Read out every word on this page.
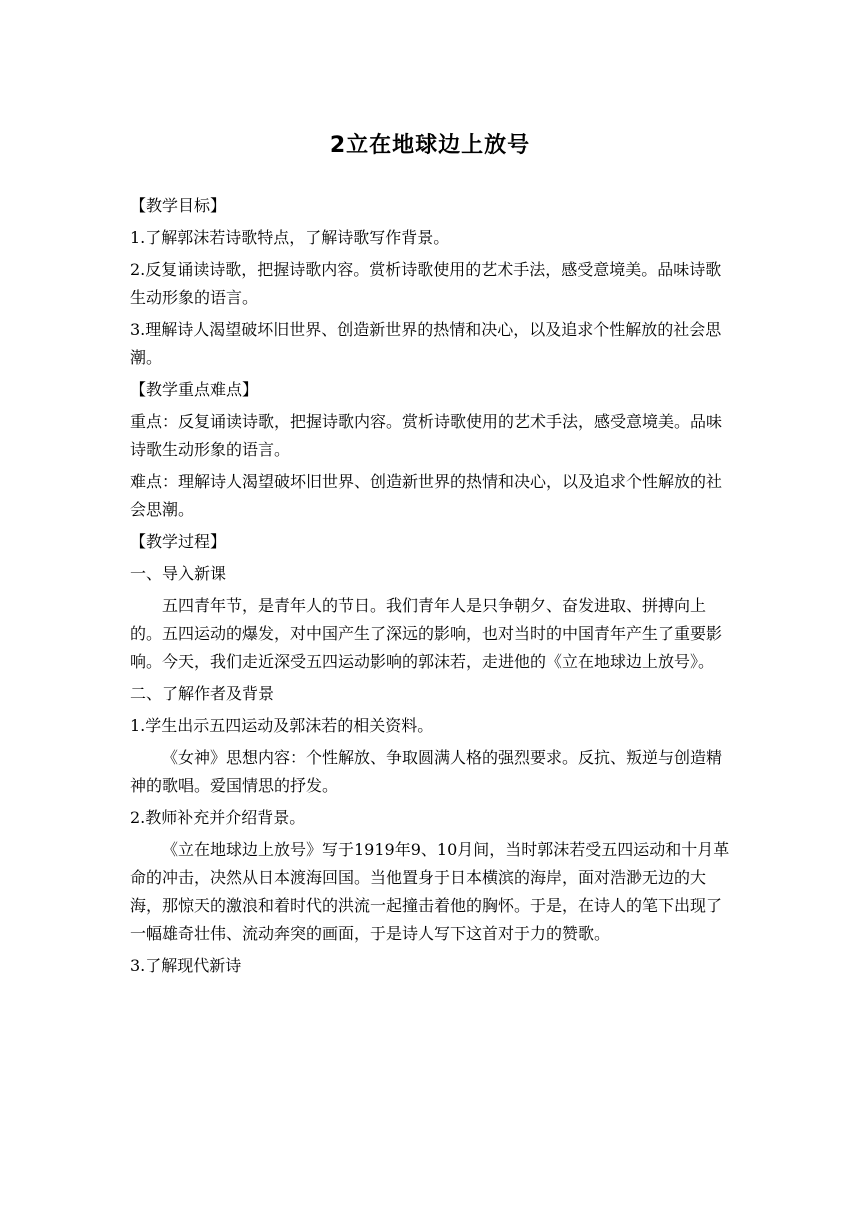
2立在地球边上放号

【教学目标】

1.了解郭沫若诗歌特点，了解诗歌写作背景。

2.反复诵读诗歌，把握诗歌内容。赏析诗歌使用的艺术手法，感受意境美。品味诗歌生动形象的语言。

3.理解诗人渴望破坏旧世界、创造新世界的热情和决心，以及追求个性解放的社会思潮。

【教学重点难点】

重点：反复诵读诗歌，把握诗歌内容。赏析诗歌使用的艺术手法，感受意境美。品味诗歌生动形象的语言。

难点：理解诗人渴望破坏旧世界、创造新世界的热情和决心，以及追求个性解放的社会思潮。

【教学过程】

一、导入新课

五四青年节，是青年人的节日。我们青年人是只争朝夕、奋发进取、拼搏向上的。五四运动的爆发，对中国产生了深远的影响，也对当时的中国青年产生了重要影响。今天，我们走近深受五四运动影响的郭沫若，走进他的《立在地球边上放号》。

二、了解作者及背景

1.学生出示五四运动及郭沫若的相关资料。

《女神》思想内容：个性解放、争取圆满人格的强烈要求。反抗、叛逆与创造精神的歌唱。爱国情思的抒发。

2.教师补充并介绍背景。

《立在地球边上放号》写于1919年9、10月间，当时郭沫若受五四运动和十月革命的冲击，决然从日本渡海回国。当他置身于日本横滨的海岸，面对浩渺无边的大海，那惊天的激浪和着时代的洪流一起撞击着他的胸怀。于是，在诗人的笔下出现了一幅雄奇壮伟、流动奔突的画面，于是诗人写下这首对于力的赞歌。

3.了解现代新诗
